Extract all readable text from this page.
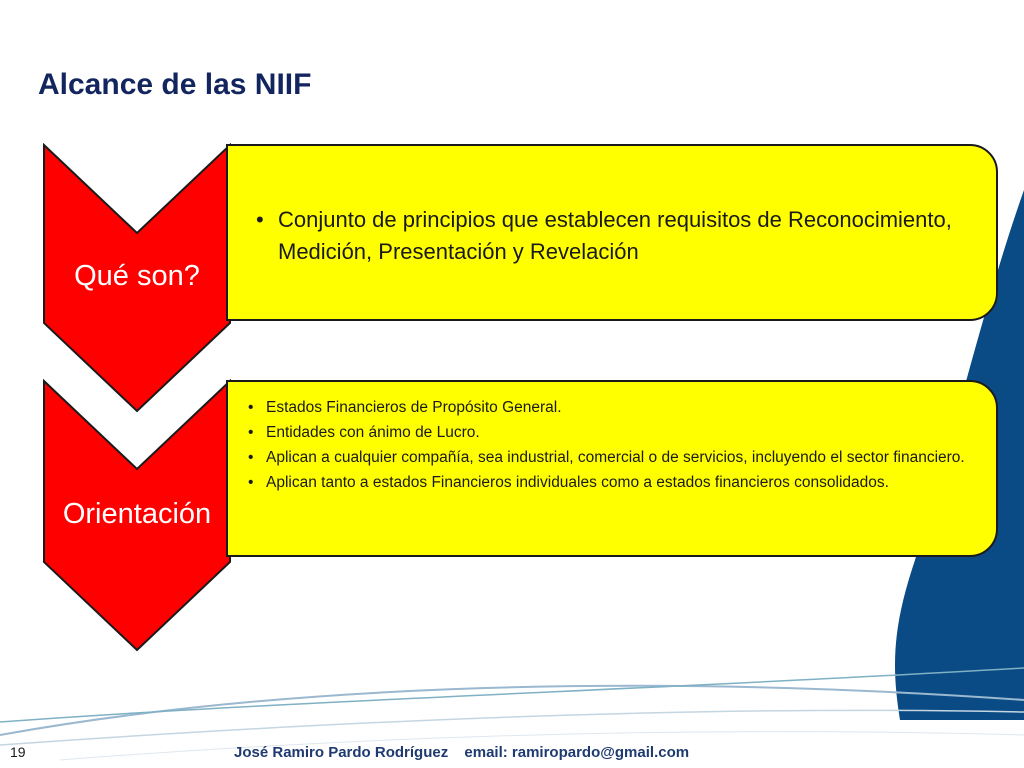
Alcance de las NIIF
Qué son?
• Conjunto de principios que establecen requisitos de Reconocimiento, Medición, Presentación y Revelación
Orientación
• Estados Financieros de Propósito General.
• Entidades con ánimo de Lucro.
• Aplican a cualquier compañía, sea industrial, comercial o de servicios, incluyendo el sector financiero.
• Aplican tanto a estados Financieros individuales como a estados financieros consolidados.
19	José Ramiro Pardo Rodríguez email: ramiropardo@gmail.com
